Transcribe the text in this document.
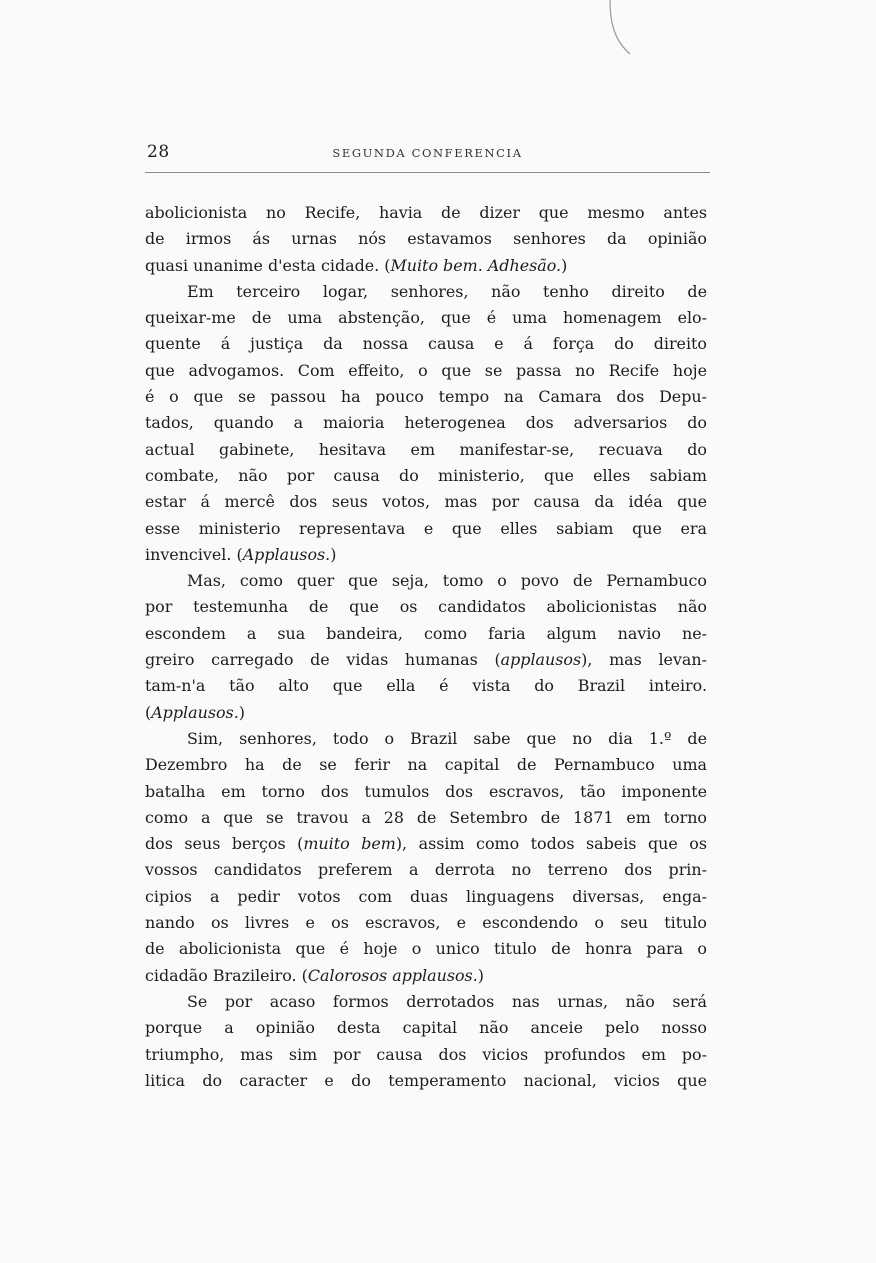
28	SEGUNDA CONFERENCIA

abolicionista no Recife, havia de dizer que mesmo antes
de irmos ás urnas nós estavamos senhores da opinião
quasi unanime d'esta cidade. (Muito bem. Adhesão.)

Em terceiro logar, senhores, não tenho direito de
queixar-me de uma abstenção, que é uma homenagem elo-
quente á justiça da nossa causa e á força do direito
que advogamos. Com effeito, o que se passa no Recife hoje
é o que se passou ha pouco tempo na Camara dos Depu-
tados, quando a maioria heterogenea dos adversarios do
actual gabinete, hesitava em manifestar-se, recuava do
combate, não por causa do ministerio, que elles sabiam
estar á mercê dos seus votos, mas por causa da idéa que
esse ministerio representava e que elles sabiam que era
invencivel. (Applausos.)

Mas, como quer que seja, tomo o povo de Pernambuco
por testemunha de que os candidatos abolicionistas não
escondem a sua bandeira, como faria algum navio ne-
greiro carregado de vidas humanas (applausos), mas levan-
tam-n'a tão alto que ella é vista do Brazil inteiro.
(Applausos.)

Sim, senhores, todo o Brazil sabe que no dia 1.º de
Dezembro ha de se ferir na capital de Pernambuco uma
batalha em torno dos tumulos dos escravos, tão imponente
como a que se travou a 28 de Setembro de 1871 em torno
dos seus berços (muito bem), assim como todos sabeis que os
vossos candidatos preferem a derrota no terreno dos prin-
cipios a pedir votos com duas linguagens diversas, enga-
nando os livres e os escravos, e escondendo o seu titulo
de abolicionista que é hoje o unico titulo de honra para o
cidadão Brazileiro. (Calorosos applausos.)

Se por acaso formos derrotados nas urnas, não será
porque a opinião desta capital não anceie pelo nosso
triumpho, mas sim por causa dos vicios profundos em po-
litica do caracter e do temperamento nacional, vicios que
